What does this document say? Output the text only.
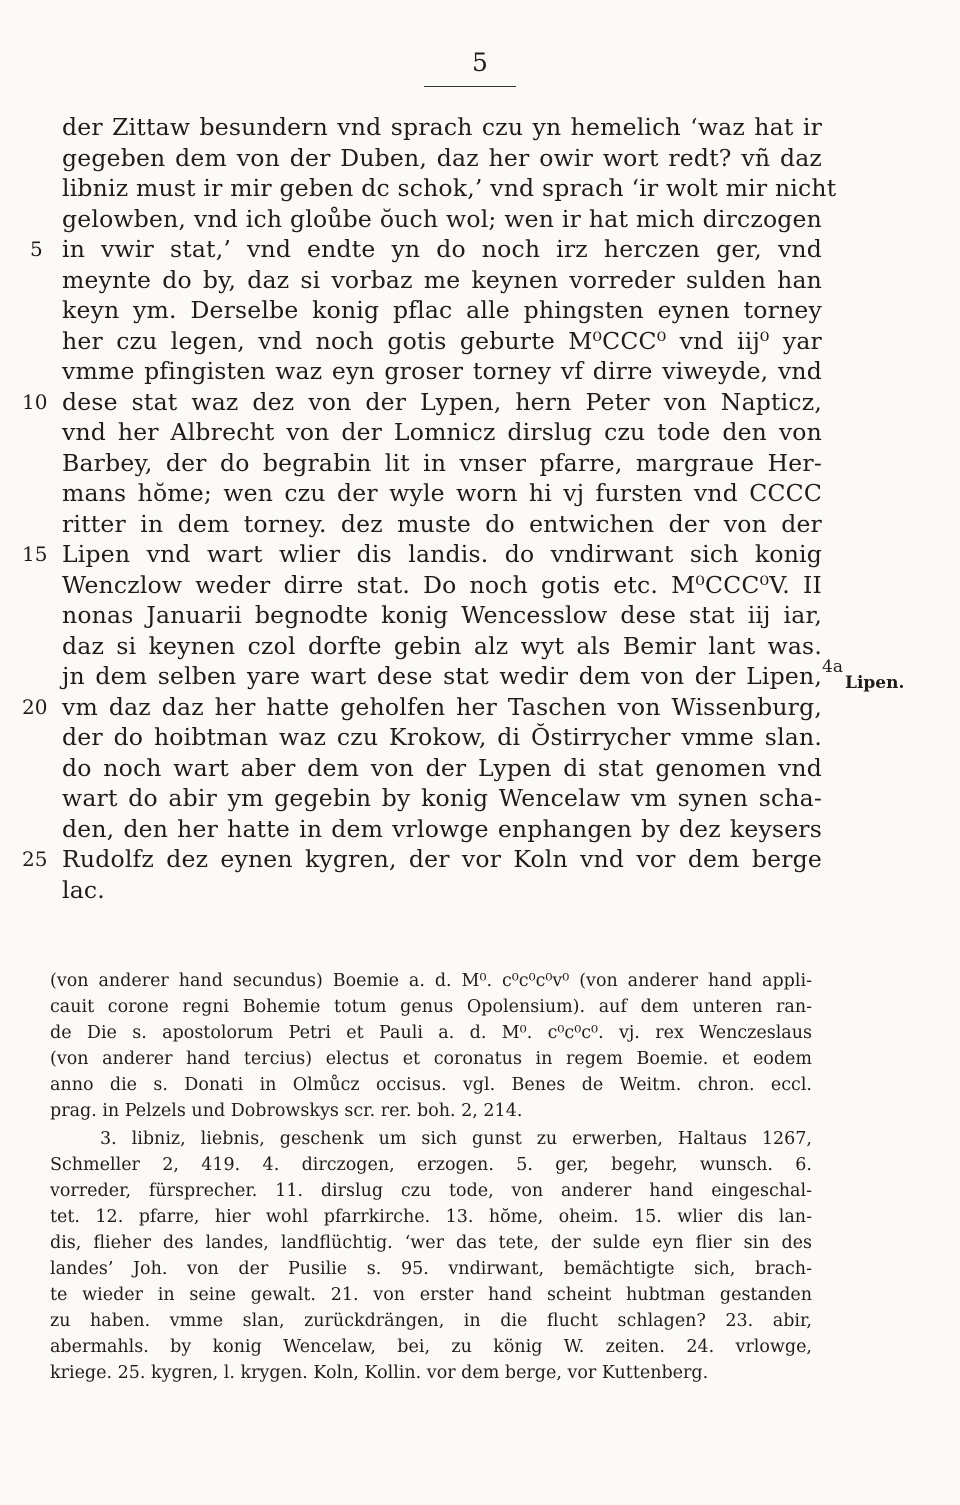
5
der Zittaw besundern vnd sprach czu yn hemelich ‘waz hat ir
gegeben dem von der Duben, daz her owir wort redt? vñ daz
libniz must ir mir geben dc schok,’ vnd sprach ‘ir wolt mir nicht
gelowben, vnd ich gloůbe ŏuch wol; wen ir hat mich dirczogen
in vwir stat,’ vnd endte yn do noch irz herczen ger, vnd
meynte do by, daz si vorbaz me keynen vorreder sulden han
keyn ym. Derselbe konig pflac alle phingsten eynen torney
her czu legen, vnd noch gotis geburte M⁰CCC⁰ vnd iij⁰ yar
vmme pfingisten waz eyn groser torney vf dirre viweyde, vnd
dese stat waz dez von der Lypen, hern Peter von Napticz,
vnd her Albrecht von der Lomnicz dirslug czu tode den von
Barbey, der do begrabin lit in vnser pfarre, margraue Her-
mans hŏme; wen czu der wyle worn hi vj fursten vnd CCCC
ritter in dem torney. dez muste do entwichen der von der
Lipen vnd wart wlier dis landis. do vndirwant sich konig
Wenczlow weder dirre stat. Do noch gotis etc. M⁰CCC⁰V. II
nonas Januarii begnodte konig Wencesslow dese stat iij iar,
daz si keynen czol dorfte gebin alz wyt als Bemir lant was.
jn dem selben yare wart dese stat wedir dem von der Lipen,
vm daz daz her hatte geholfen her Taschen von Wissenburg,
der do hoibtman waz czu Krokow, di Ŏstirrycher vmme slan.
do noch wart aber dem von der Lypen di stat genomen vnd
wart do abir ym gegebin by konig Wencelaw vm synen scha-
den, den her hatte in dem vrlowge enphangen by dez keysers
Rudolfz dez eynen kygren, der vor Koln vnd vor dem berge
lac.
5
10
15
20
25
4a
Lipen.
(von anderer hand secundus) Boemie a. d. M⁰. c⁰c⁰c⁰v⁰ (von anderer hand appli-
cauit corone regni Bohemie totum genus Opolensium). auf dem unteren ran-
de Die s. apostolorum Petri et Pauli a. d. M⁰. c⁰c⁰c⁰. vj. rex Wenczeslaus
(von anderer hand tercius) electus et coronatus in regem Boemie. et eodem
anno die s. Donati in Olmůcz occisus. vgl. Benes de Weitm. chron. eccl.
prag. in Pelzels und Dobrowskys scr. rer. boh. 2, 214.
3. libniz, liebnis, geschenk um sich gunst zu erwerben, Haltaus 1267,
Schmeller 2, 419. 4. dirczogen, erzogen. 5. ger, begehr, wunsch. 6.
vorreder, fürsprecher. 11. dirslug czu tode, von anderer hand eingeschal-
tet. 12. pfarre, hier wohl pfarrkirche. 13. hŏme, oheim. 15. wlier dis lan-
dis, flieher des landes, landflüchtig. ‘wer das tete, der sulde eyn flier sin des
landes’ Joh. von der Pusilie s. 95. vndirwant, bemächtigte sich, brach-
te wieder in seine gewalt. 21. von erster hand scheint hubtman gestanden
zu haben. vmme slan, zurückdrängen, in die flucht schlagen? 23. abir,
abermahls. by konig Wencelaw, bei, zu könig W. zeiten. 24. vrlowge,
kriege. 25. kygren, l. krygen. Koln, Kollin. vor dem berge, vor Kuttenberg.
